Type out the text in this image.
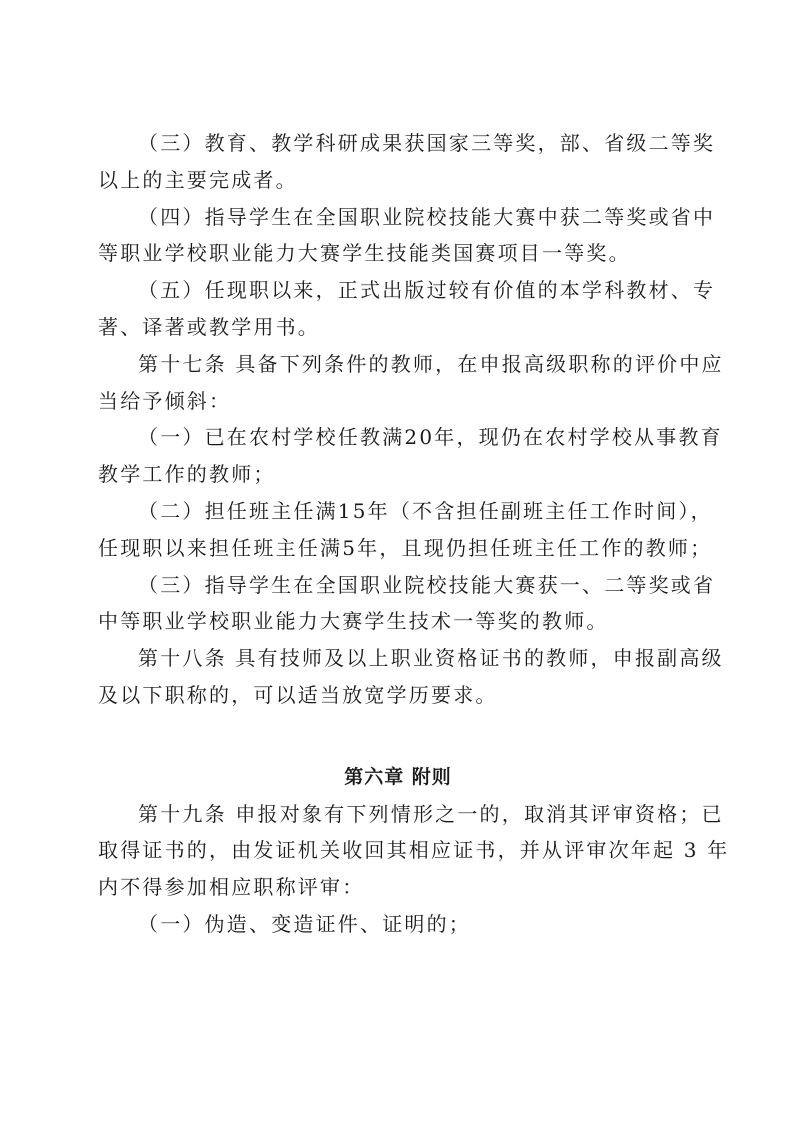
（三）教育、教学科研成果获国家三等奖，部、省级二等奖
以上的主要完成者。
（四）指导学生在全国职业院校技能大赛中获二等奖或省中
等职业学校职业能力大赛学生技能类国赛项目一等奖。
（五）任现职以来，正式出版过较有价值的本学科教材、专
著、译著或教学用书。
第十七条 具备下列条件的教师，在申报高级职称的评价中应
当给予倾斜：
（一）已在农村学校任教满20年，现仍在农村学校从事教育
教学工作的教师；
（二）担任班主任满15年（不含担任副班主任工作时间），
任现职以来担任班主任满5年，且现仍担任班主任工作的教师；
（三）指导学生在全国职业院校技能大赛获一、二等奖或省
中等职业学校职业能力大赛学生技术一等奖的教师。
第十八条 具有技师及以上职业资格证书的教师，申报副高级
及以下职称的，可以适当放宽学历要求。
第六章 附则
第十九条 申报对象有下列情形之一的，取消其评审资格；已
取得证书的，由发证机关收回其相应证书，并从评审次年起 3 年
内不得参加相应职称评审：
（一）伪造、变造证件、证明的；
